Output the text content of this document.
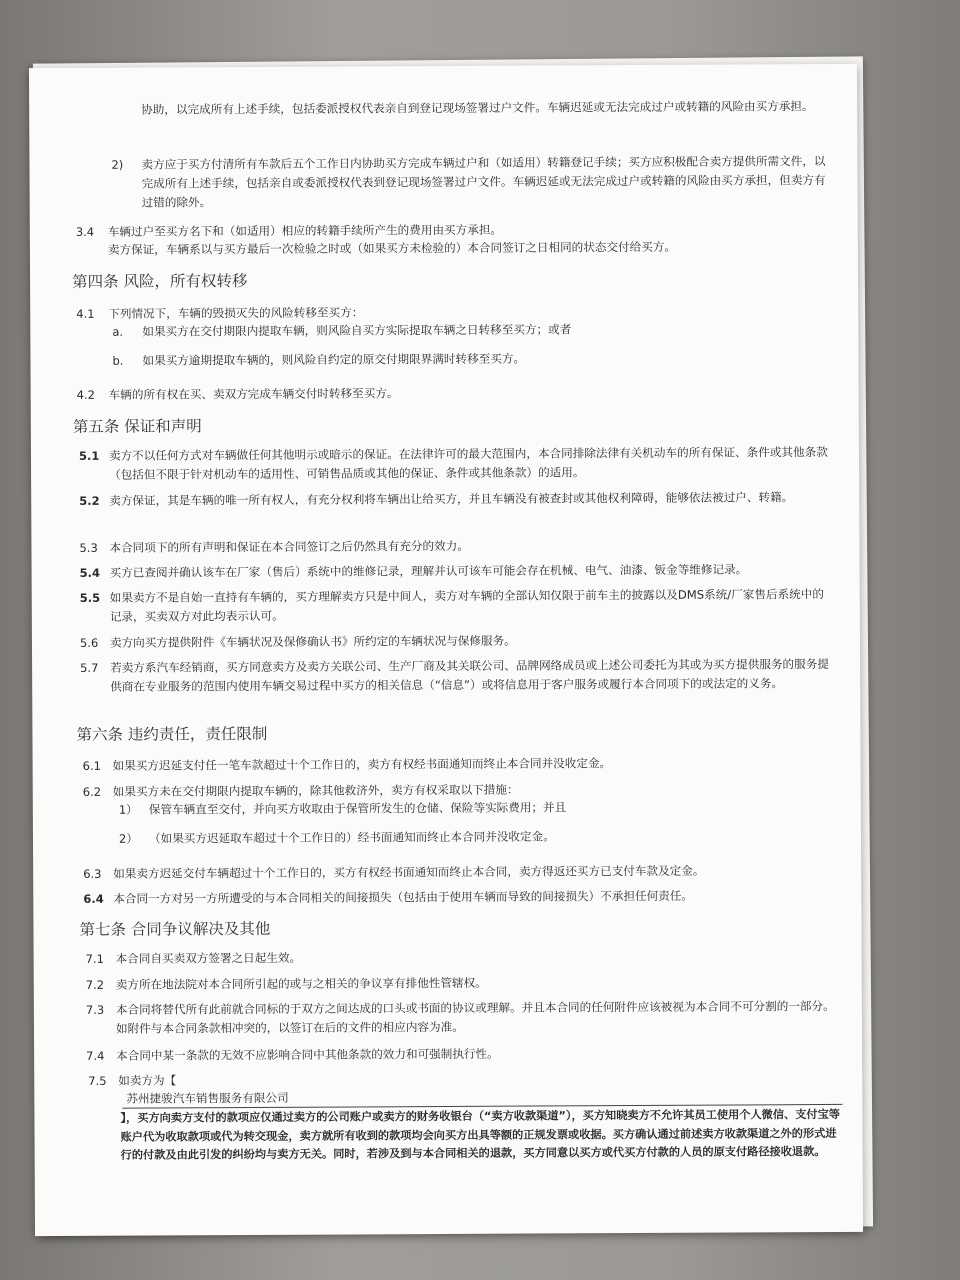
协助，以完成所有上述手续，包括委派授权代表亲自到登记现场签署过户文件。车辆迟延或无法完成过户或转籍的风险由买方承担。
2) 卖方应于买方付清所有车款后五个工作日内协助买方完成车辆过户和（如适用）转籍登记手续；买方应积极配合卖方提供所需文件，以完成所有上述手续，包括亲自或委派授权代表到登记现场签署过户文件。车辆迟延或无法完成过户或转籍的风险由买方承担，但卖方有过错的除外。
3.4 车辆过户至买方名下和（如适用）相应的转籍手续所产生的费用由买方承担。
卖方保证，车辆系以与买方最后一次检验之时或（如果买方未检验的）本合同签订之日相同的状态交付给买方。
第四条 风险，所有权转移
4.1 下列情况下，车辆的毁损灭失的风险转移至买方：
a. 如果买方在交付期限内提取车辆，则风险自买方实际提取车辆之日转移至买方；或者
b. 如果买方逾期提取车辆的，则风险自约定的原交付期限界满时转移至买方。
4.2 车辆的所有权在买、卖双方完成车辆交付时转移至买方。
第五条 保证和声明
5.1 卖方不以任何方式对车辆做任何其他明示或暗示的保证。在法律许可的最大范围内，本合同排除法律有关机动车的所有保证、条件或其他条款（包括但不限于针对机动车的适用性、可销售品质或其他的保证、条件或其他条款）的适用。
5.2 卖方保证，其是车辆的唯一所有权人，有充分权利将车辆出让给买方，并且车辆没有被查封或其他权利障碍，能够依法被过户、转籍。
5.3 本合同项下的所有声明和保证在本合同签订之后仍然具有充分的效力。
5.4 买方已查阅并确认该车在厂家（售后）系统中的维修记录，理解并认可该车可能会存在机械、电气、油漆、钣金等维修记录。
5.5 如果卖方不是自始一直持有车辆的，买方理解卖方只是中间人，卖方对车辆的全部认知仅限于前车主的披露以及DMS系统/厂家售后系统中的记录，买卖双方对此均表示认可。
5.6 卖方向买方提供附件《车辆状况及保修确认书》所约定的车辆状况与保修服务。
5.7 若卖方系汽车经销商，买方同意卖方及卖方关联公司、生产厂商及其关联公司、品牌网络成员或上述公司委托为其或为买方提供服务的服务提供商在专业服务的范围内使用车辆交易过程中买方的相关信息（“信息”）或将信息用于客户服务或履行本合同项下的或法定的义务。
第六条 违约责任，责任限制
6.1 如果买方迟延支付任一笔车款超过十个工作日的，卖方有权经书面通知而终止本合同并没收定金。
6.2 如果买方未在交付期限内提取车辆的，除其他救济外，卖方有权采取以下措施：
1） 保管车辆直至交付，并向买方收取由于保管所发生的仓储、保险等实际费用；并且
2） （如果买方迟延取车超过十个工作日的）经书面通知而终止本合同并没收定金。
6.3 如果卖方迟延交付车辆超过十个工作日的，买方有权经书面通知而终止本合同，卖方得返还买方已支付车款及定金。
6.4 本合同一方对另一方所遭受的与本合同相关的间接损失（包括由于使用车辆而导致的间接损失）不承担任何责任。
第七条 合同争议解决及其他
7.1 本合同自买卖双方签署之日起生效。
7.2 卖方所在地法院对本合同所引起的或与之相关的争议享有排他性管辖权。
7.3 本合同将替代所有此前就合同标的于双方之间达成的口头或书面的协议或理解。并且本合同的任何附件应该被视为本合同不可分割的一部分。如附件与本合同条款相冲突的，以签订在后的文件的相应内容为准。
7.4 本合同中某一条款的无效不应影响合同中其他条款的效力和可强制执行性。
7.5 如卖方为【
苏州捷骏汽车销售服务有限公司
】，买方向卖方支付的款项应仅通过卖方的公司账户或卖方的财务收银台（“卖方收款渠道”），买方知晓卖方不允许其员工使用个人微信、支付宝等账户代为收取款项或代为转交现金，卖方就所有收到的款项均会向买方出具等额的正规发票或收据。买方确认通过前述卖方收款渠道之外的形式进行的付款及由此引发的纠纷均与卖方无关。同时，若涉及到与本合同相关的退款，买方同意以买方或代买方付款的人员的原支付路径接收退款。
